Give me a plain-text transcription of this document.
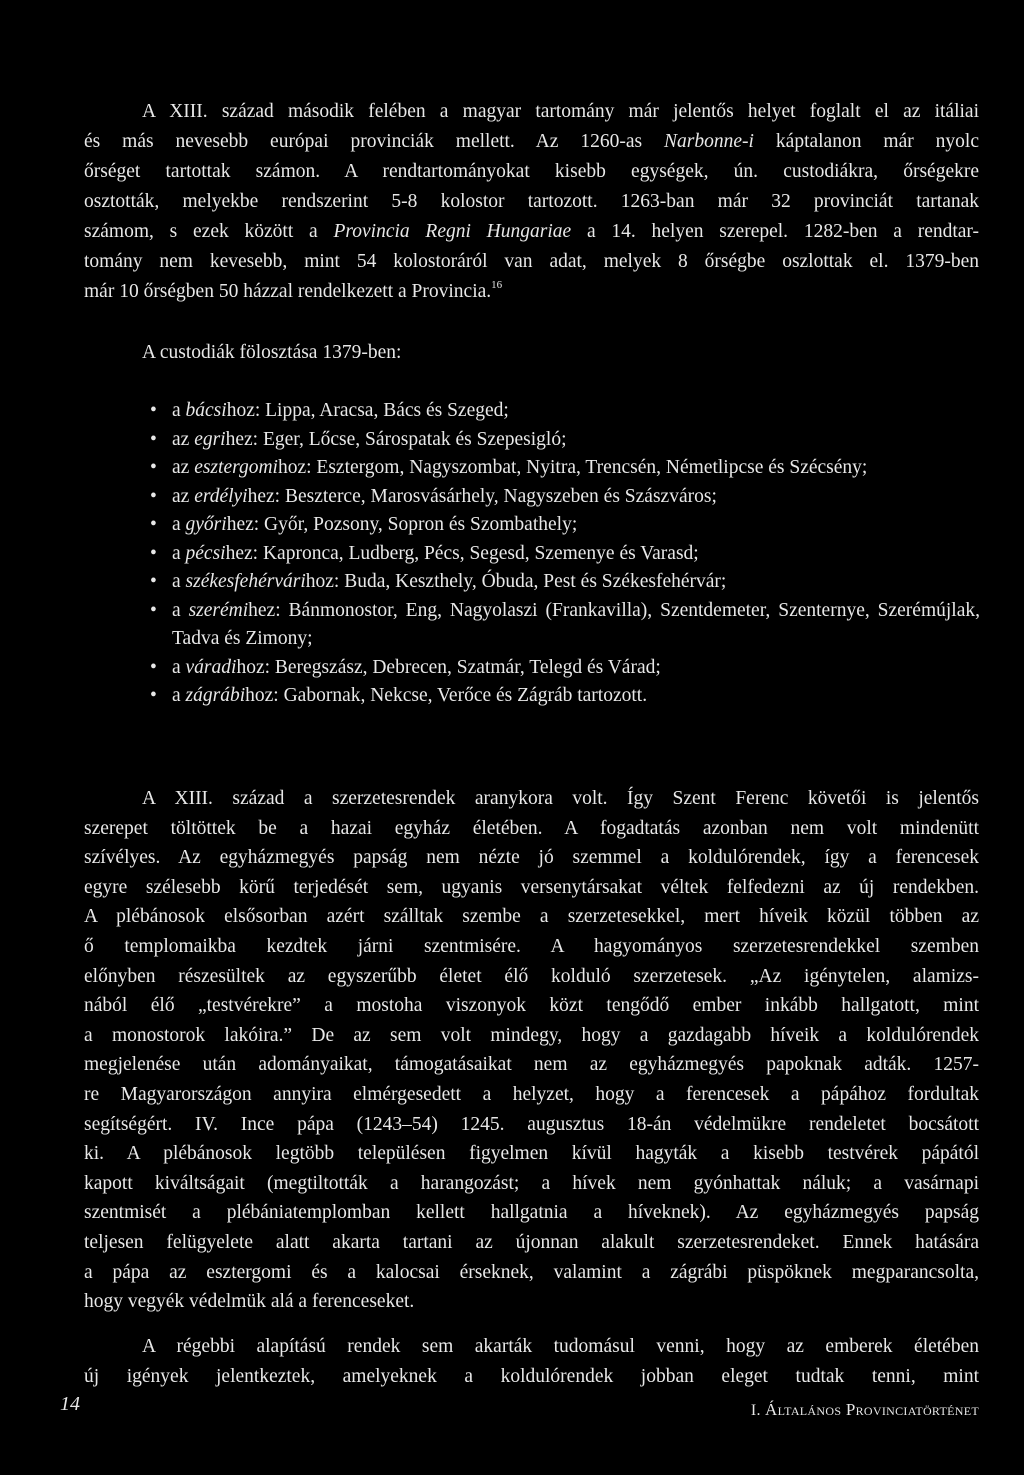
A XIII. század második felében a magyar tartomány már jelentős helyet foglalt el az itáliai
és más nevesebb európai provinciák mellett. Az 1260-as Narbonne-i káptalanon már nyolc
őrséget tartottak számon. A rendtartományokat kisebb egységek, ún. custodiákra, őrségekre
osztották, melyekbe rendszerint 5-8 kolostor tartozott. 1263-ban már 32 provinciát tartanak
számom, s ezek között a Provincia Regni Hungariae a 14. helyen szerepel. 1282-ben a rendtar-
tomány nem kevesebb, mint 54 kolostoráról van adat, melyek 8 őrségbe oszlottak el. 1379-ben
már 10 őrségben 50 házzal rendelkezett a Provincia.$^{16}$

A custodiák fölosztása 1379-ben:
• a bácsihoz: Lippa, Aracsa, Bács és Szeged;
• az egrihez: Eger, Lőcse, Sárospatak és Szepesigló;
• az esztergomihoz: Esztergom, Nagyszombat, Nyitra, Trencsén, Németlipcse és Szécsény;
• az erdélyihez: Beszterce, Marosvásárhely, Nagyszeben és Szászváros;
• a győrihez: Győr, Pozsony, Sopron és Szombathely;
• a pécsihez: Kapronca, Ludberg, Pécs, Segesd, Szemenye és Varasd;
• a székesfehérvárihoz: Buda, Keszthely, Óbuda, Pest és Székesfehérvár;
• a szerémihez: Bánmonostor, Eng, Nagyolaszi (Frankavilla), Szentdemeter, Szenternye, Szerémújlak, Tadva és Zimony;
• a váradihoz: Beregszász, Debrecen, Szatmár, Telegd és Várad;
• a zágrábihoz: Gabornak, Nekcse, Verőce és Zágráb tartozott.

A XIII. század a szerzetesrendek aranykora volt. Így Szent Ferenc követői is jelentős
szerepet töltöttek be a hazai egyház életében. A fogadtatás azonban nem volt mindenütt
szívélyes. Az egyházmegyés papság nem nézte jó szemmel a koldulórendek, így a ferencesek
egyre szélesebb körű terjedését sem, ugyanis versenytársakat véltek felfedezni az új rendekben.
A plébánosok elsősorban azért szálltak szembe a szerzetesekkel, mert híveik közül többen az
ő templomaikba kezdtek járni szentmisére. A hagyományos szerzetesrendekkel szemben
előnyben részesültek az egyszerűbb életet élő kolduló szerzetesek. „Az igénytelen, alamizs-
nából élő „testvérekre” a mostoha viszonyok közt tengődő ember inkább hallgatott, mint
a monostorok lakóira.” De az sem volt mindegy, hogy a gazdagabb híveik a koldulórendek
megjelenése után adományaikat, támogatásaikat nem az egyházmegyés papoknak adták. 1257-
re Magyarországon annyira elmérgesedett a helyzet, hogy a ferencesek a pápához fordultak
segítségért. IV. Ince pápa (1243–54) 1245. augusztus 18-án védelmükre rendeletet bocsátott
ki. A plébánosok legtöbb településen figyelmen kívül hagyták a kisebb testvérek pápától
kapott kiváltságait (megtiltották a harangozást; a hívek nem gyónhattak náluk; a vasárnapi
szentmisét a plébániatemplomban kellett hallgatnia a híveknek). Az egyházmegyés papság
teljesen felügyelete alatt akarta tartani az újonnan alakult szerzetesrendeket. Ennek hatására
a pápa az esztergomi és a kalocsai érseknek, valamint a zágrábi püspöknek megparancsolta,
hogy vegyék védelmük alá a ferenceseket.

A régebbi alapítású rendek sem akarták tudomásul venni, hogy az emberek életében
új igények jelentkeztek, amelyeknek a koldulórendek jobban eleget tudtak tenni, mint

14	I. Általános Provinciatörténet
